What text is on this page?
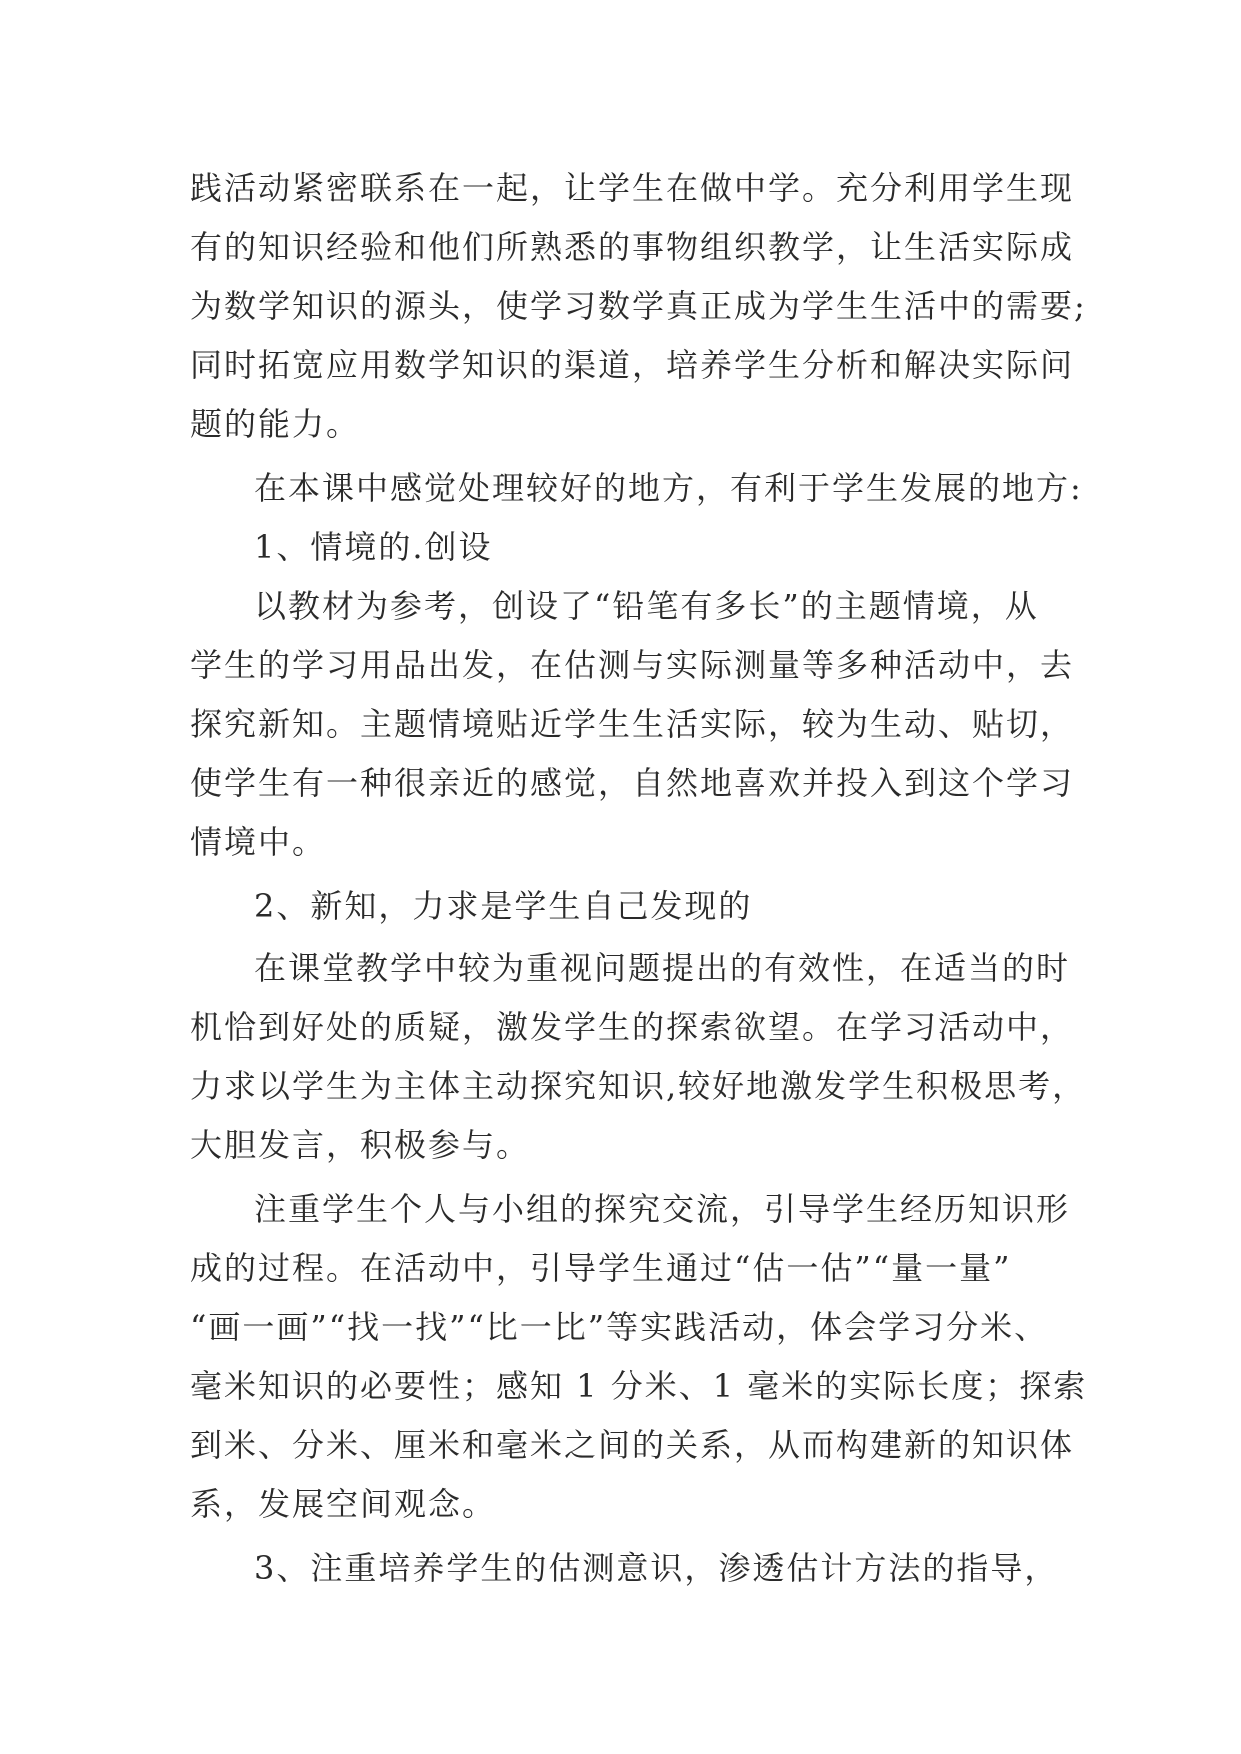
践活动紧密联系在一起，让学生在做中学。充分利用学生现
有的知识经验和他们所熟悉的事物组织教学，让生活实际成
为数学知识的源头，使学习数学真正成为学生生活中的需要;
同时拓宽应用数学知识的渠道，培养学生分析和解决实际问
题的能力。
在本课中感觉处理较好的地方，有利于学生发展的地方:
1、情境的.创设
以教材为参考，创设了“铅笔有多长”的主题情境，从
学生的学习用品出发，在估测与实际测量等多种活动中，去
探究新知。主题情境贴近学生生活实际，较为生动、贴切，
使学生有一种很亲近的感觉，自然地喜欢并投入到这个学习
情境中。
2、新知，力求是学生自己发现的
在课堂教学中较为重视问题提出的有效性，在适当的时
机恰到好处的质疑，激发学生的探索欲望。在学习活动中，
力求以学生为主体主动探究知识,较好地激发学生积极思考，
大胆发言，积极参与。
注重学生个人与小组的探究交流，引导学生经历知识形
成的过程。在活动中，引导学生通过“估一估”“量一量”
“画一画”“找一找”“比一比”等实践活动，体会学习分米、
毫米知识的必要性；感知 1 分米、1 毫米的实际长度；探索
到米、分米、厘米和毫米之间的关系，从而构建新的知识体
系，发展空间观念。
3、注重培养学生的估测意识，渗透估计方法的指导，
